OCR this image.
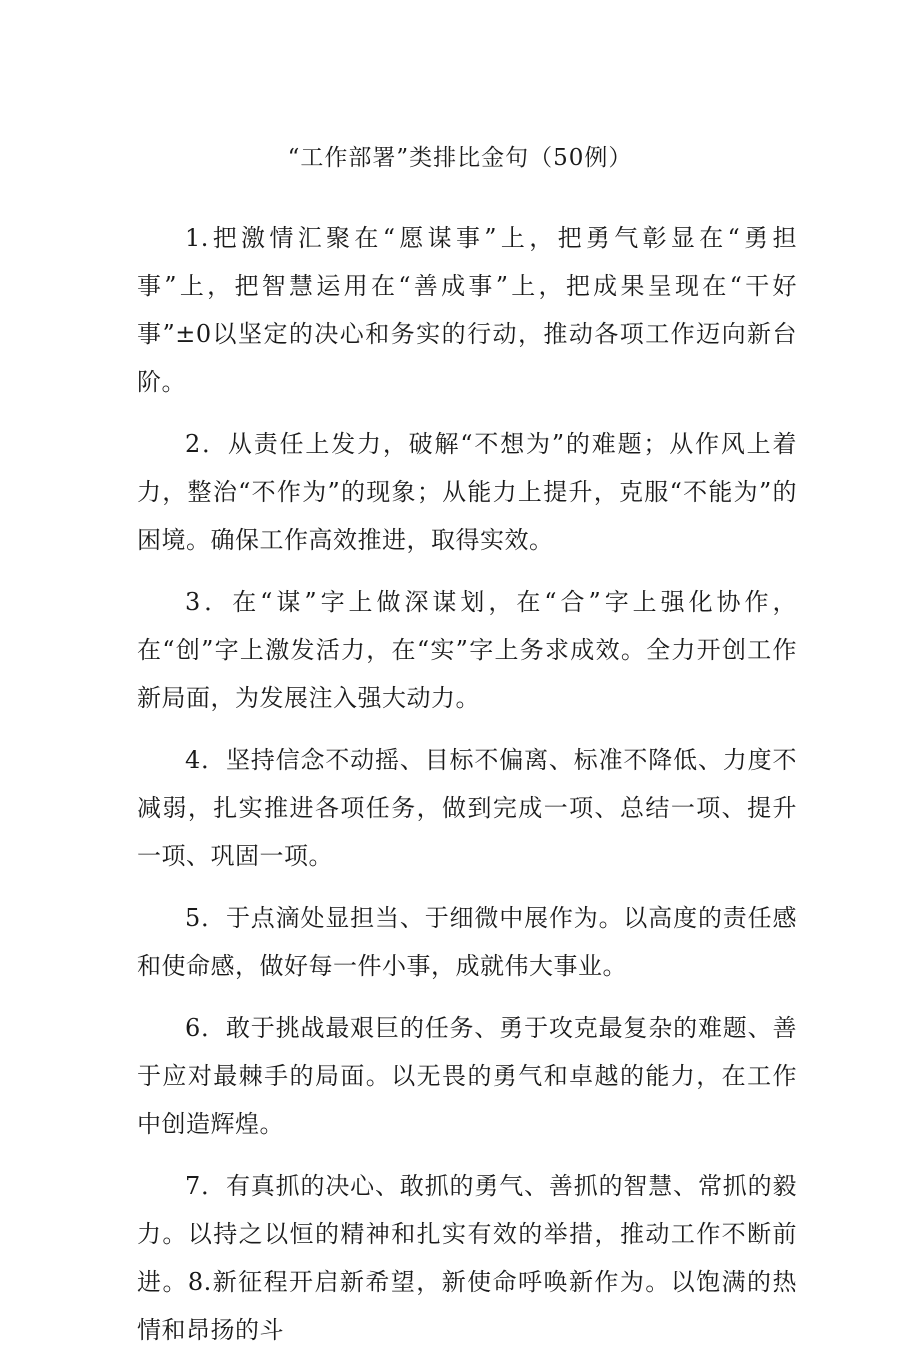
“工作部署”类排比金句（50例）

1.把激情汇聚在“愿谋事”上，把勇气彰显在“勇担事”上，把智慧运用在“善成事”上，把成果呈现在“干好事”±0以坚定的决心和务实的行动，推动各项工作迈向新台阶。

2．从责任上发力，破解“不想为”的难题；从作风上着力，整治“不作为”的现象；从能力上提升，克服“不能为”的困境。确保工作高效推进，取得实效。

3．在“谋”字上做深谋划，在“合”字上强化协作，在“创”字上激发活力，在“实”字上务求成效。全力开创工作新局面，为发展注入强大动力。

4．坚持信念不动摇、目标不偏离、标准不降低、力度不减弱，扎实推进各项任务，做到完成一项、总结一项、提升一项、巩固一项。

5．于点滴处显担当、于细微中展作为。以高度的责任感和使命感，做好每一件小事，成就伟大事业。

6．敢于挑战最艰巨的任务、勇于攻克最复杂的难题、善于应对最棘手的局面。以无畏的勇气和卓越的能力，在工作中创造辉煌。

7．有真抓的决心、敢抓的勇气、善抓的智慧、常抓的毅力。以持之以恒的精神和扎实有效的举措，推动工作不断前进。8.新征程开启新希望，新使命呼唤新作为。以饱满的热情和昂扬的斗
